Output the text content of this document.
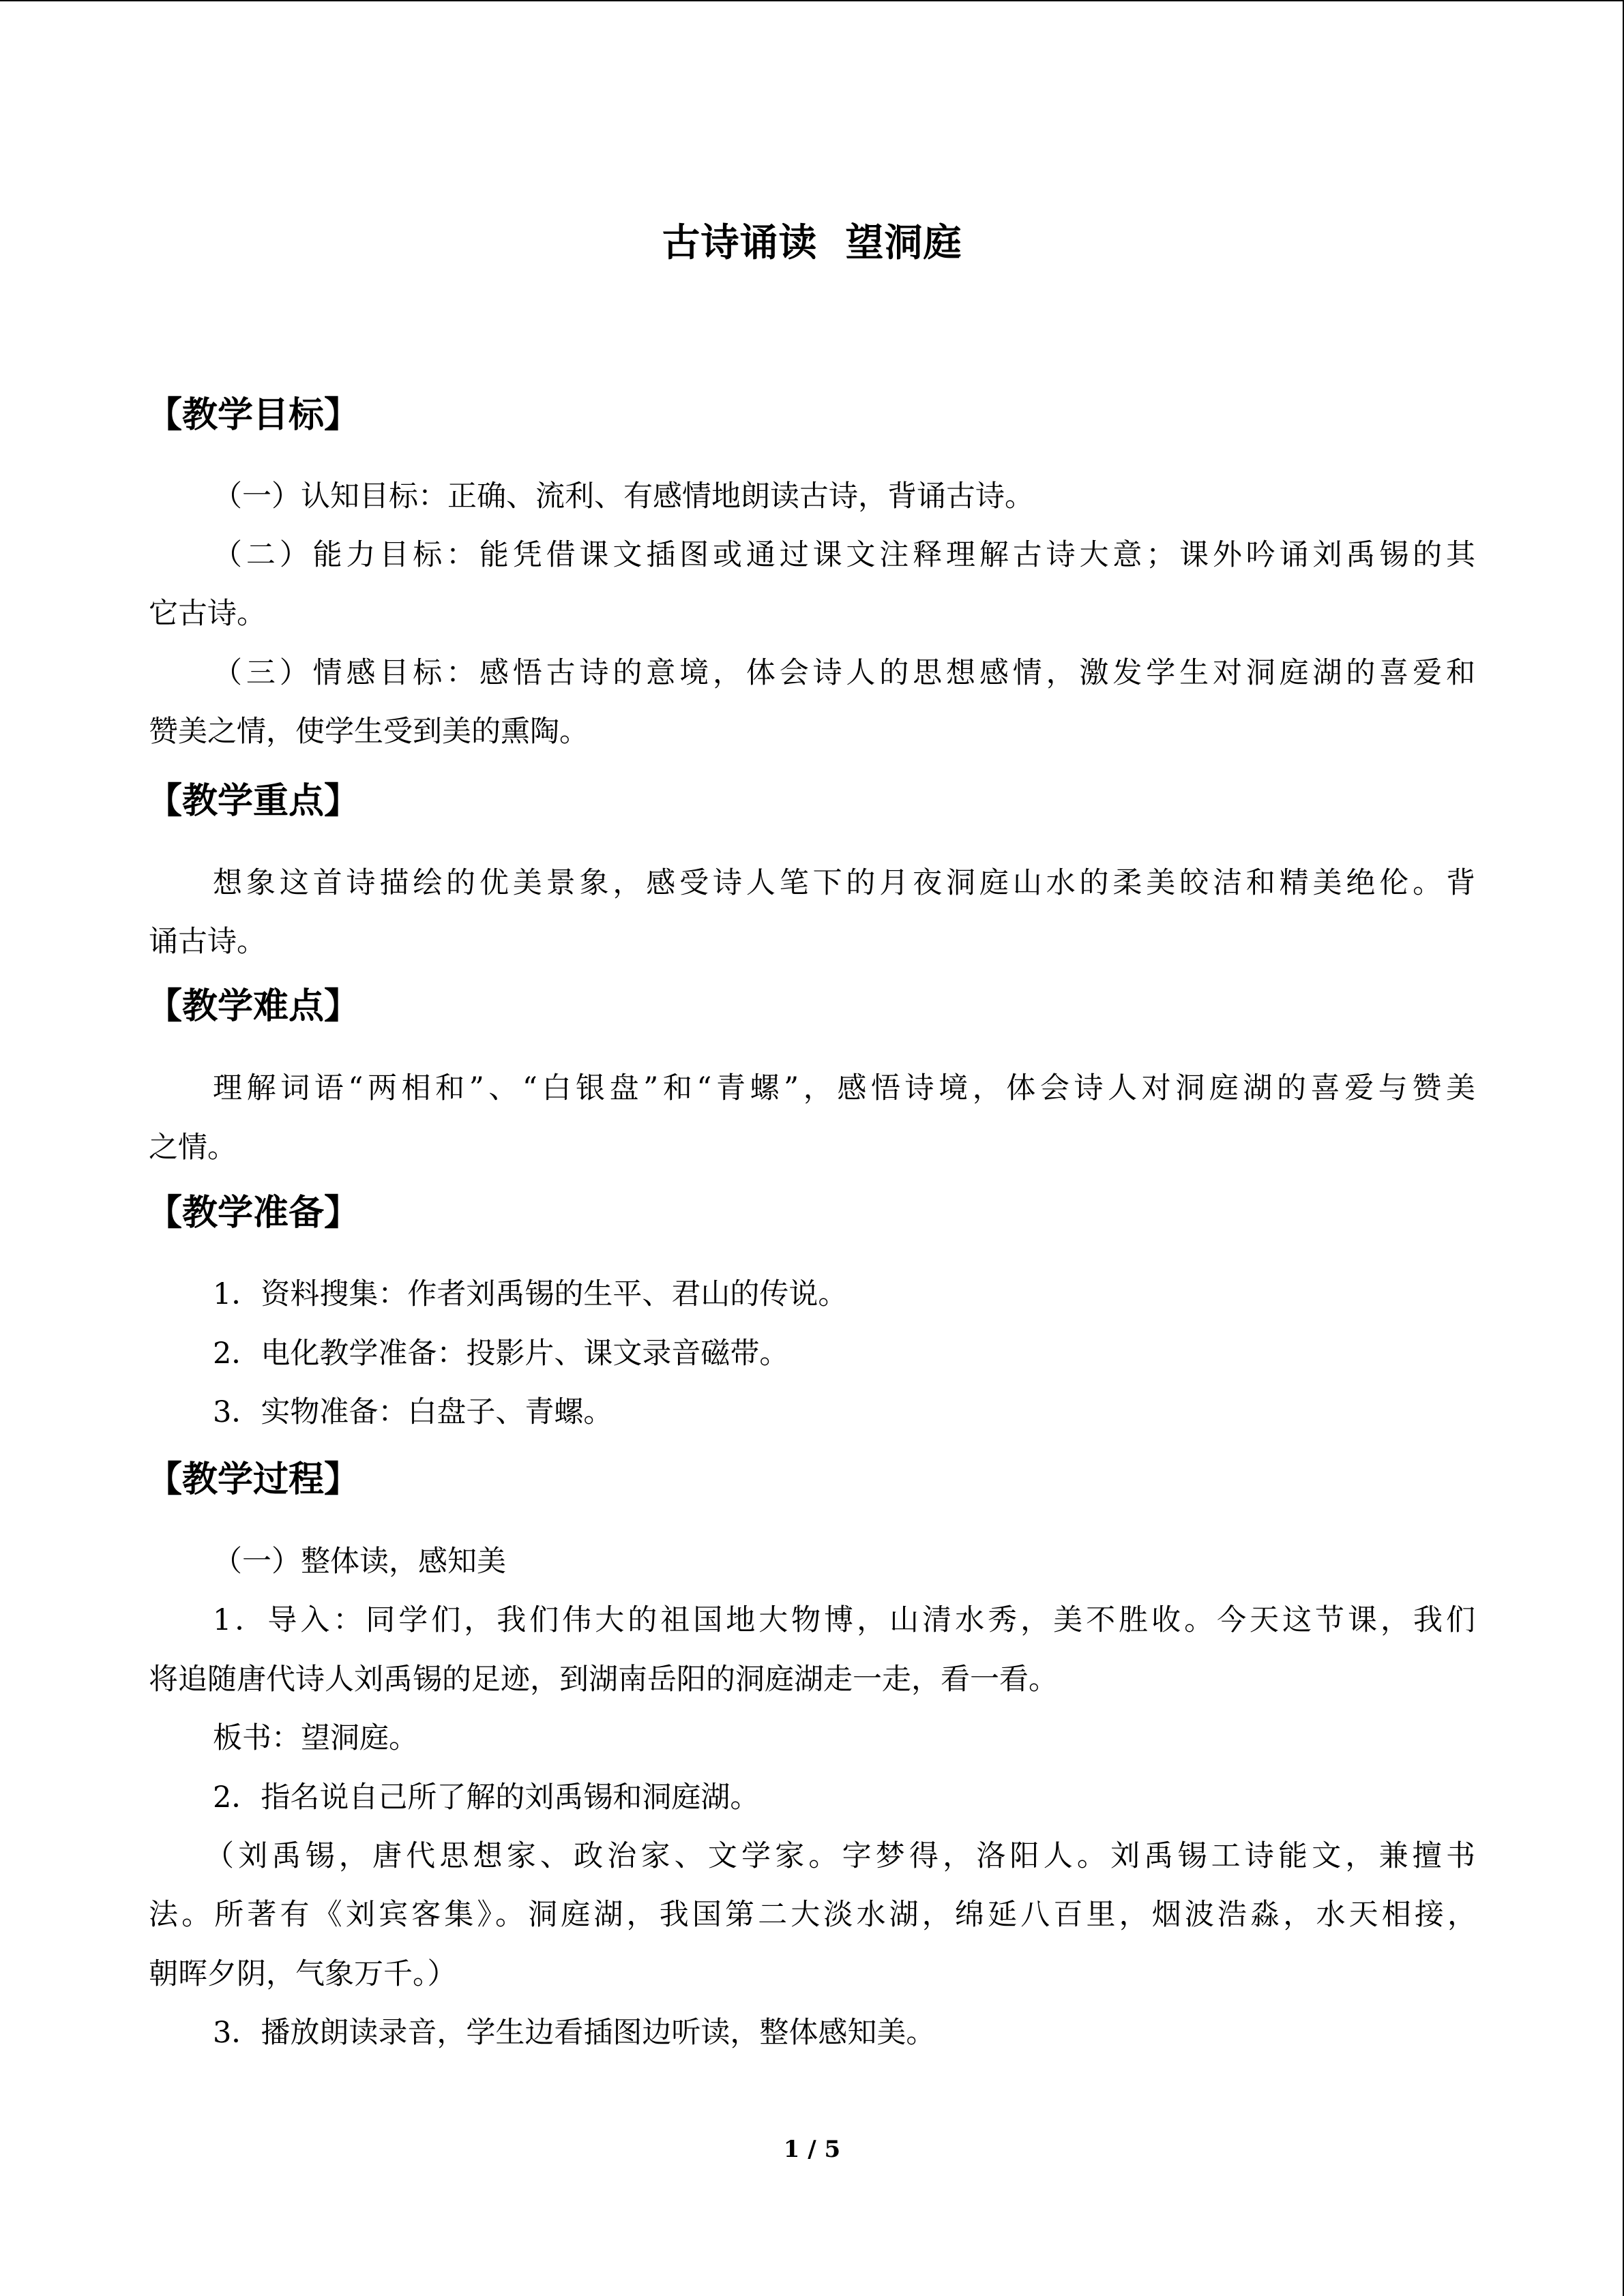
古诗诵读  望洞庭
【教学目标】
（一）认知目标：正确、流利、有感情地朗读古诗，背诵古诗。
（二）能力目标：能凭借课文插图或通过课文注释理解古诗大意；课外吟诵刘禹锡的其
它古诗。
（三）情感目标：感悟古诗的意境，体会诗人的思想感情，激发学生对洞庭湖的喜爱和
赞美之情，使学生受到美的熏陶。
【教学重点】
想象这首诗描绘的优美景象，感受诗人笔下的月夜洞庭山水的柔美皎洁和精美绝伦。背
诵古诗。
【教学难点】
理解词语“两相和”、“白银盘”和“青螺”，感悟诗境，体会诗人对洞庭湖的喜爱与赞美
之情。
【教学准备】
1．资料搜集：作者刘禹锡的生平、君山的传说。
2．电化教学准备：投影片、课文录音磁带。
3．实物准备：白盘子、青螺。
【教学过程】
（一）整体读，感知美
1．导入：同学们，我们伟大的祖国地大物博，山清水秀，美不胜收。今天这节课，我们
将追随唐代诗人刘禹锡的足迹，到湖南岳阳的洞庭湖走一走，看一看。
板书：望洞庭。
2．指名说自己所了解的刘禹锡和洞庭湖。
（刘禹锡，唐代思想家、政治家、文学家。字梦得，洛阳人。刘禹锡工诗能文，兼擅书
法。所著有《刘宾客集》。洞庭湖，我国第二大淡水湖，绵延八百里，烟波浩淼，水天相接，
朝晖夕阴，气象万千。）
3．播放朗读录音，学生边看插图边听读，整体感知美。
1 / 5
